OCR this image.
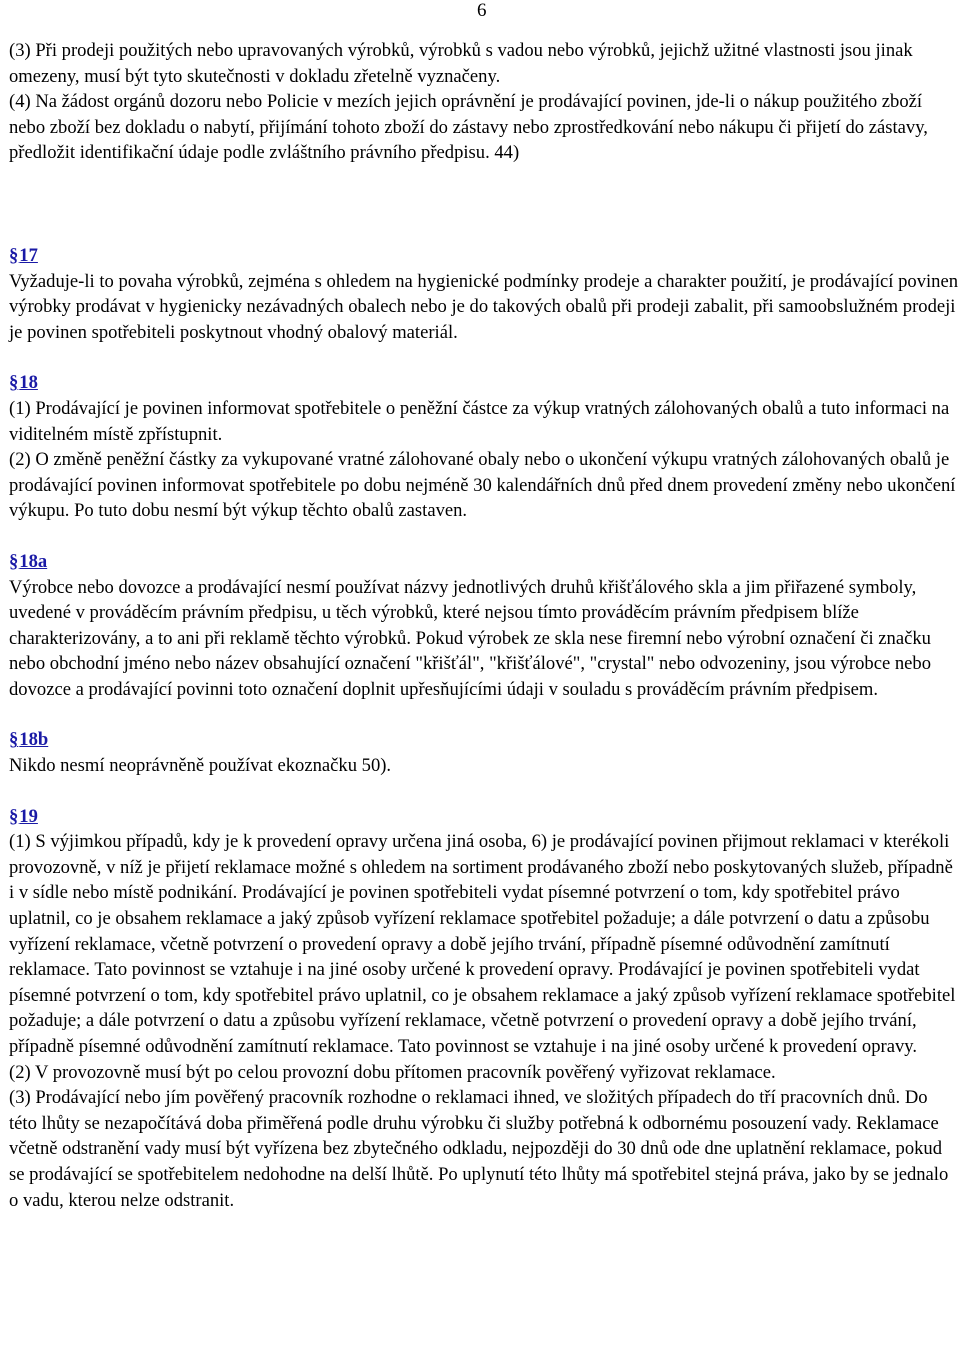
6

(3) Při prodeji použitých nebo upravovaných výrobků, výrobků s vadou nebo výrobků, jejichž užitné vlastnosti jsou jinak omezeny, musí být tyto skutečnosti v dokladu zřetelně vyznačeny.

(4) Na žádost orgánů dozoru nebo Policie v mezích jejich oprávnění je prodávající povinen, jde-li o nákup použitého zboží nebo zboží bez dokladu o nabytí, přijímání tohoto zboží do zástavy nebo zprostředkování nebo nákupu či přijetí do zástavy, předložit identifikační údaje podle zvláštního právního předpisu. 44)

§17

Vyžaduje-li to povaha výrobků, zejména s ohledem na hygienické podmínky prodeje a charakter použití, je prodávající povinen výrobky prodávat v hygienicky nezávadných obalech nebo je do takových obalů při prodeji zabalit, při samoobslužném prodeji je povinen spotřebiteli poskytnout vhodný obalový materiál.

§18

(1) Prodávající je povinen informovat spotřebitele o peněžní částce za výkup vratných zálohovaných obalů a tuto informaci na viditelném místě zpřístupnit.

(2) O změně peněžní částky za vykupované vratné zálohované obaly nebo o ukončení výkupu vratných zálohovaných obalů je prodávající povinen informovat spotřebitele po dobu nejméně 30 kalendářních dnů před dnem provedení změny nebo ukončení výkupu. Po tuto dobu nesmí být výkup těchto obalů zastaven.

§18a

Výrobce nebo dovozce a prodávající nesmí používat názvy jednotlivých druhů křišťálového skla a jim přiřazené symboly, uvedené v prováděcím právním předpisu, u těch výrobků, které nejsou tímto prováděcím právním předpisem blíže charakterizovány, a to ani při reklamě těchto výrobků. Pokud výrobek ze skla nese firemní nebo výrobní označení či značku nebo obchodní jméno nebo název obsahující označení "křišťál", "křišťálové", "crystal" nebo odvozeniny, jsou výrobce nebo dovozce a prodávající povinni toto označení doplnit upřesňujícími údaji v souladu s prováděcím právním předpisem.

§18b

Nikdo nesmí neoprávněně používat ekoznačku 50).

§19

(1) S výjimkou případů, kdy je k provedení opravy určena jiná osoba, 6) je prodávající povinen přijmout reklamaci v kterékoli provozovně, v níž je přijetí reklamace možné s ohledem na sortiment prodávaného zboží nebo poskytovaných služeb, případně i v sídle nebo místě podnikání. Prodávající je povinen spotřebiteli vydat písemné potvrzení o tom, kdy spotřebitel právo uplatnil, co je obsahem reklamace a jaký způsob vyřízení reklamace spotřebitel požaduje; a dále potvrzení o datu a způsobu vyřízení reklamace, včetně potvrzení o provedení opravy a době jejího trvání, případně písemné odůvodnění zamítnutí reklamace. Tato povinnost se vztahuje i na jiné osoby určené k provedení opravy. Prodávající je povinen spotřebiteli vydat písemné potvrzení o tom, kdy spotřebitel právo uplatnil, co je obsahem reklamace a jaký způsob vyřízení reklamace spotřebitel požaduje; a dále potvrzení o datu a způsobu vyřízení reklamace, včetně potvrzení o provedení opravy a době jejího trvání, případně písemné odůvodnění zamítnutí reklamace. Tato povinnost se vztahuje i na jiné osoby určené k provedení opravy.

(2) V provozovně musí být po celou provozní dobu přítomen pracovník pověřený vyřizovat reklamace.

(3) Prodávající nebo jím pověřený pracovník rozhodne o reklamaci ihned, ve složitých případech do tří pracovních dnů. Do této lhůty se nezapočítává doba přiměřená podle druhu výrobku či služby potřebná k odbornému posouzení vady. Reklamace včetně odstranění vady musí být vyřízena bez zbytečného odkladu, nejpozději do 30 dnů ode dne uplatnění reklamace, pokud se prodávající se spotřebitelem nedohodne na delší lhůtě. Po uplynutí této lhůty má spotřebitel stejná práva, jako by se jednalo o vadu, kterou nelze odstranit.
